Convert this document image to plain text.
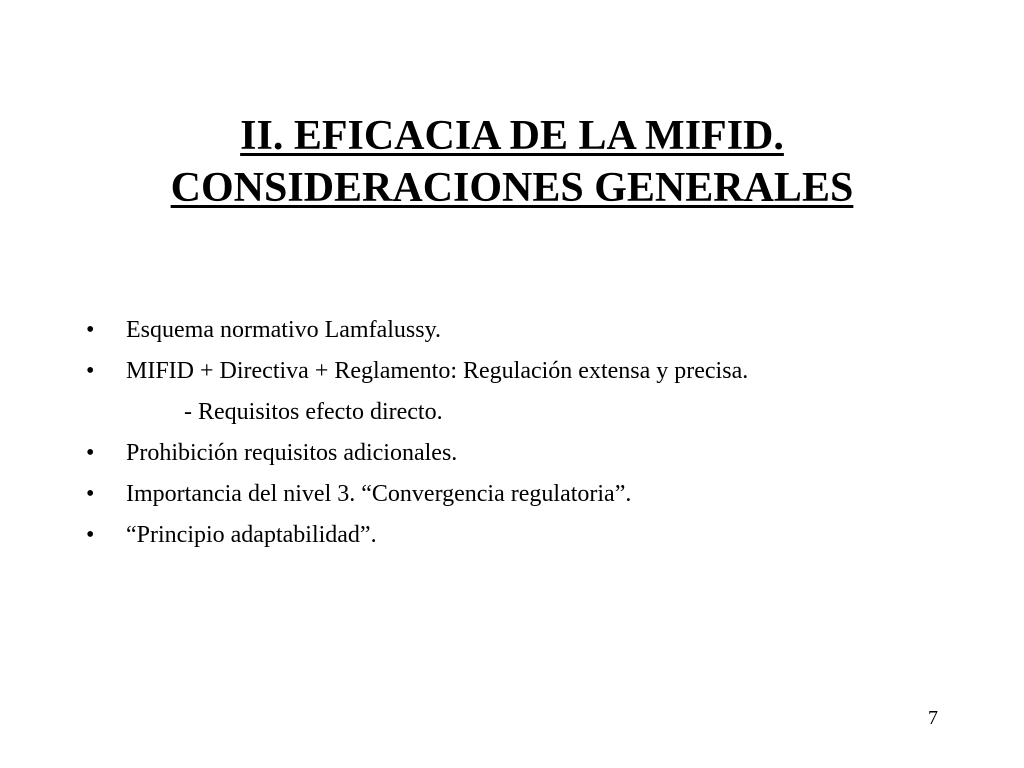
II. EFICACIA DE LA MIFID.
CONSIDERACIONES GENERALES
• Esquema normativo Lamfalussy.
• MIFID + Directiva + Reglamento: Regulación extensa y precisa.
- Requisitos efecto directo.
• Prohibición requisitos adicionales.
• Importancia del nivel 3. “Convergencia regulatoria”.
• “Principio adaptabilidad”.
7
